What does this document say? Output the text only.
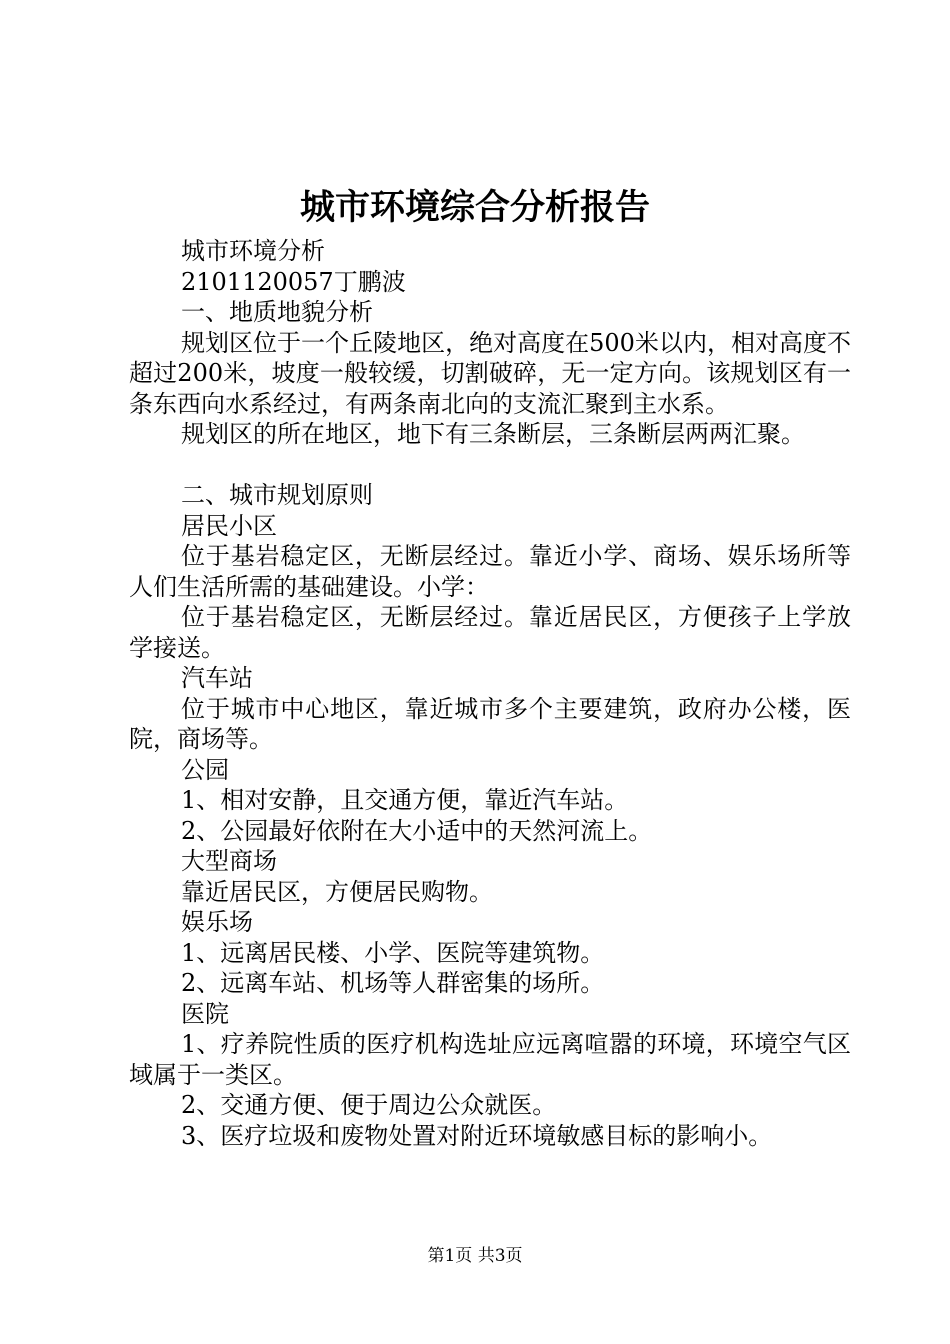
城市环境综合分析报告

城市环境分析

2101120057丁鹏波

一、地质地貌分析

规划区位于一个丘陵地区，绝对高度在500米以内，相对高度不超过200米，坡度一般较缓，切割破碎，无一定方向。该规划区有一条东西向水系经过，有两条南北向的支流汇聚到主水系。

规划区的所在地区，地下有三条断层，三条断层两两汇聚。

二、城市规划原则

居民小区

位于基岩稳定区，无断层经过。靠近小学、商场、娱乐场所等人们生活所需的基础建设。小学：

位于基岩稳定区，无断层经过。靠近居民区，方便孩子上学放学接送。

汽车站

位于城市中心地区，靠近城市多个主要建筑，政府办公楼，医院，商场等。

公园

1、相对安静，且交通方便，靠近汽车站。

2、公园最好依附在大小适中的天然河流上。

大型商场

靠近居民区，方便居民购物。

娱乐场

1、远离居民楼、小学、医院等建筑物。

2、远离车站、机场等人群密集的场所。

医院

1、疗养院性质的医疗机构选址应远离喧嚣的环境，环境空气区域属于一类区。

2、交通方便、便于周边公众就医。

3、医疗垃圾和废物处置对附近环境敏感目标的影响小。

第1页 共3页
